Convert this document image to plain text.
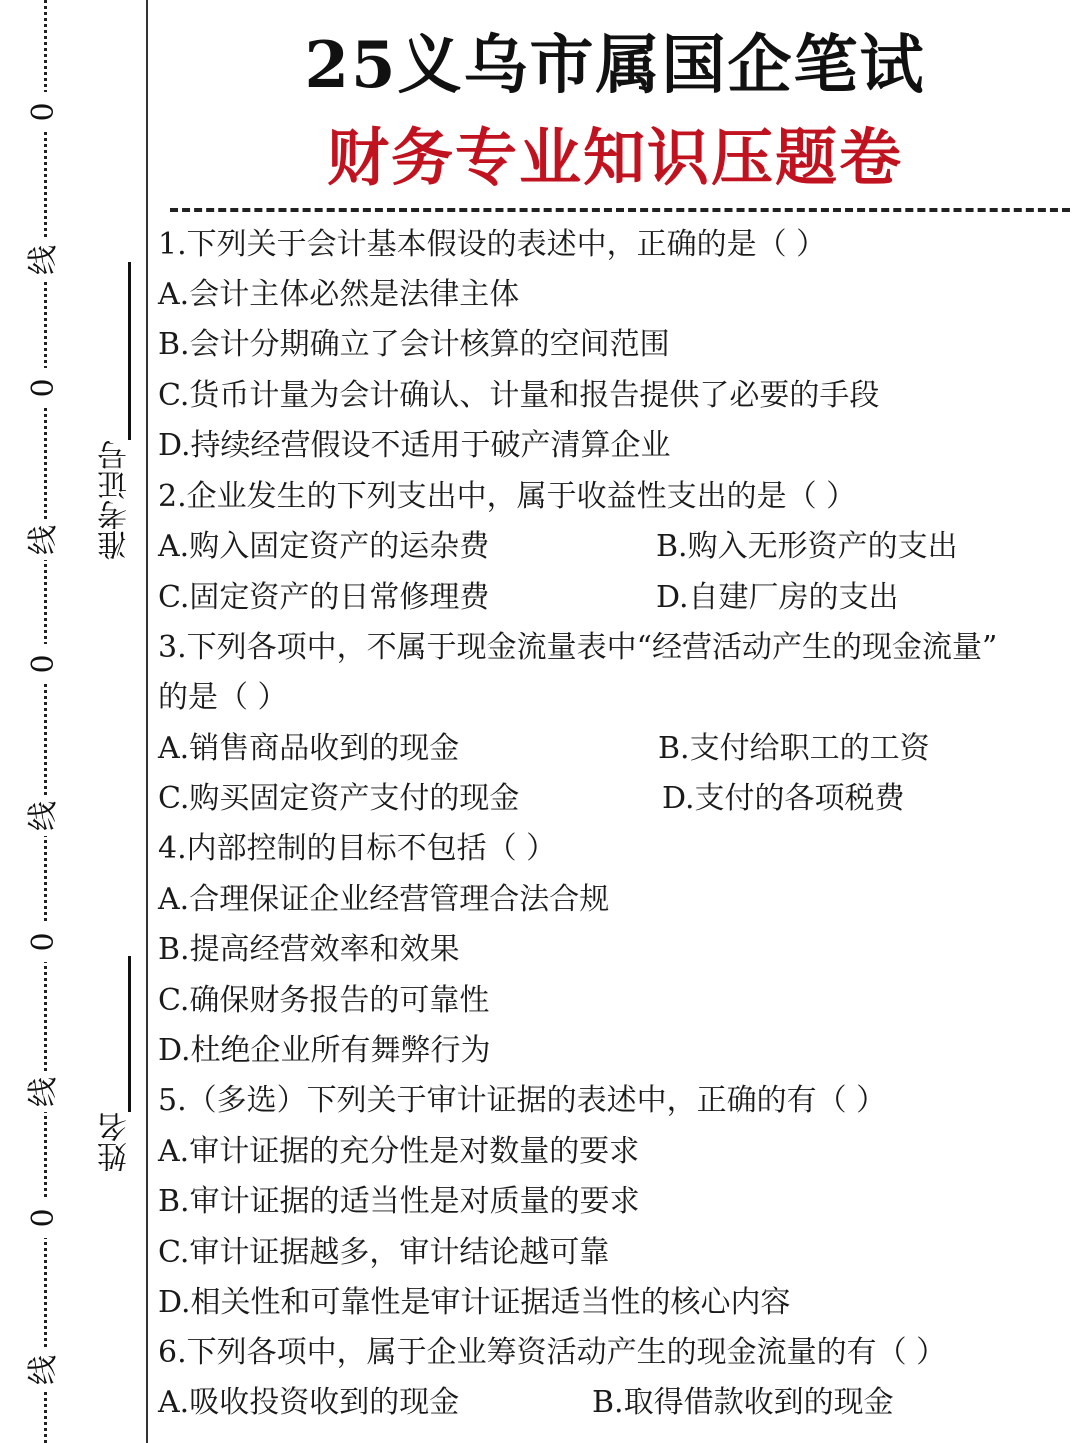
0
线
0
线
0
线
0
线
0
线
准考证号
姓名
25义乌市属国企笔试
财务专业知识压题卷
1.下列关于会计基本假设的表述中，正确的是（ ）
A.会计主体必然是法律主体
B.会计分期确立了会计核算的空间范围
C.货币计量为会计确认、计量和报告提供了必要的手段
D.持续经营假设不适用于破产清算企业
2.企业发生的下列支出中，属于收益性支出的是（ ）
A.购入固定资产的运杂费	B.购入无形资产的支出
C.固定资产的日常修理费	D.自建厂房的支出
3.下列各项中，不属于现金流量表中“经营活动产生的现金流量”
的是（ ）
A.销售商品收到的现金	B.支付给职工的工资
C.购买固定资产支付的现金	D.支付的各项税费
4.内部控制的目标不包括（ ）
A.合理保证企业经营管理合法合规
B.提高经营效率和效果
C.确保财务报告的可靠性
D.杜绝企业所有舞弊行为
5.（多选）下列关于审计证据的表述中，正确的有（ ）
A.审计证据的充分性是对数量的要求
B.审计证据的适当性是对质量的要求
C.审计证据越多，审计结论越可靠
D.相关性和可靠性是审计证据适当性的核心内容
6.下列各项中，属于企业筹资活动产生的现金流量的有（ ）
A.吸收投资收到的现金	B.取得借款收到的现金
